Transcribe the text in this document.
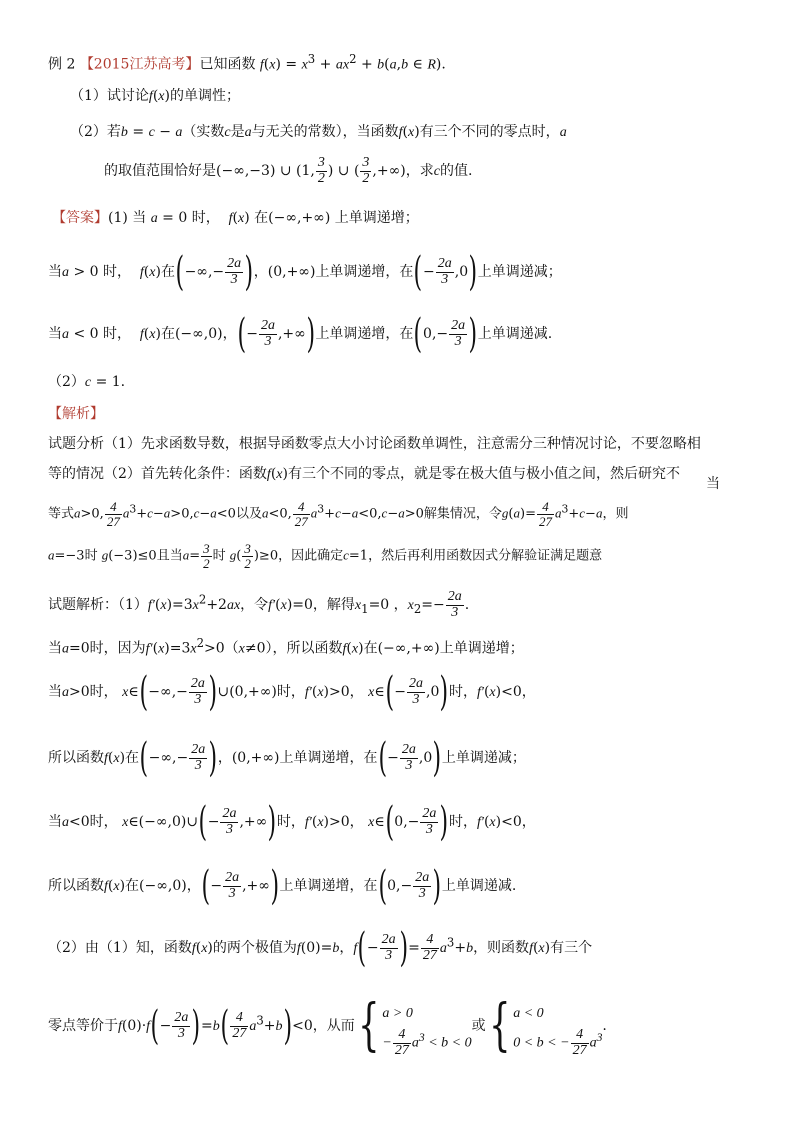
例 2 【2015江苏高考】已知函数 $f(x) = x^3 + ax^2 + b(a,b$ ∈ R).
（1）试讨论f(x)的单调性；
（2）若b = c − a（实数c是a与无关的常数），当函数f(x)有三个不同的零点时，a
的取值范围恰好是(−∞,−3) ∪ (1, $\frac{3}{2}$ ) ∪ ( $\frac{3}{2}$ ,+∞)，求c的值.
【答案】(1) 当 a = 0 时， f(x) 在(−∞,+∞) 上单调递增；
当a > 0 时， f(x)在(−∞,− $\frac{2a}{3}$ )，(0,+∞)上单调递增，在(− $\frac{2a}{3} ,0$)上单调递减；
当a < 0 时， f(x)在(−∞,0)，(− $\frac{2a}{3}$ ,+∞)上单调递增，在($0,- \frac{2a}{3}$ )上单调递减.
（2）c = 1.
【解析】
试题分析（1）先求函数导数，根据导函数零点大小讨论函数单调性，注意需分三种情况讨论，不要忽略相
等的情况（2）首先转化条件：函数f(x)有三个不同的零点，就是零在极大值与极小值之间，然后研究不
当
等式a>0, $\frac{4}{27} a^3+c-a>0,c-a<0$以及a<0, $\frac{4}{27} a^3+c-a<0,c-a>0$解集情况，令$g(a)= \frac{4}{27} a^3+c-a$，则
a=−3时 g(−3)≤0且当$a= \frac{3}{2}$ 时 $g( \frac{3}{2} )\ge 0$，因此确定c=1，然后再利用函数因式分解验证满足题意
试题解析：$(1)f'(x)=3x^2+2ax$，令f′(x)=0，解得$x_1=0$ ，$x_2=- \frac{2a}{3}$ .
当a=0时，因为$f'(x)=3x^2>0(x\ne 0)$，所以函数f(x)在(−∞,+∞)上单调递增；
当a>0时， x∈(−∞,− $\frac{2a}{3}$ )∪(0,+∞)时，f′(x)>0， x∈(− $\frac{2a}{3} ,0$)时，f′(x)<0，
所以函数f(x)在(−∞,− $\frac{2a}{3}$ )，(0,+∞)上单调递增，在(− $\frac{2a}{3} ,0$)上单调递减；
当a<0时， x∈(−∞,0)∪(− $\frac{2a}{3}$ ,+∞)时，f′(x)>0， x∈(0,− $\frac{2a}{3}$ )时，f′(x)<0，
所以函数f(x)在(−∞,0)，(− $\frac{2a}{3}$ ,+∞)上单调递增，在($0,- \frac{2a}{3}$ )上单调递减.
（2）由（1）知，函数f(x)的两个极值为f(0)=b，$f(- \frac{2a}{3}$ )= $\frac{4}{27} a^3+b$，则函数f(x)有三个
零点等价于$f(0)\cdot f(- \frac{2a}{3} )=b( \frac{4}{27} a^3+b)<0$，从而{ a > 0
− $\frac{4}{27} a^3 < b < 0$
或{ a < 0
0 < b < − $\frac{4}{27} a^3$
.
